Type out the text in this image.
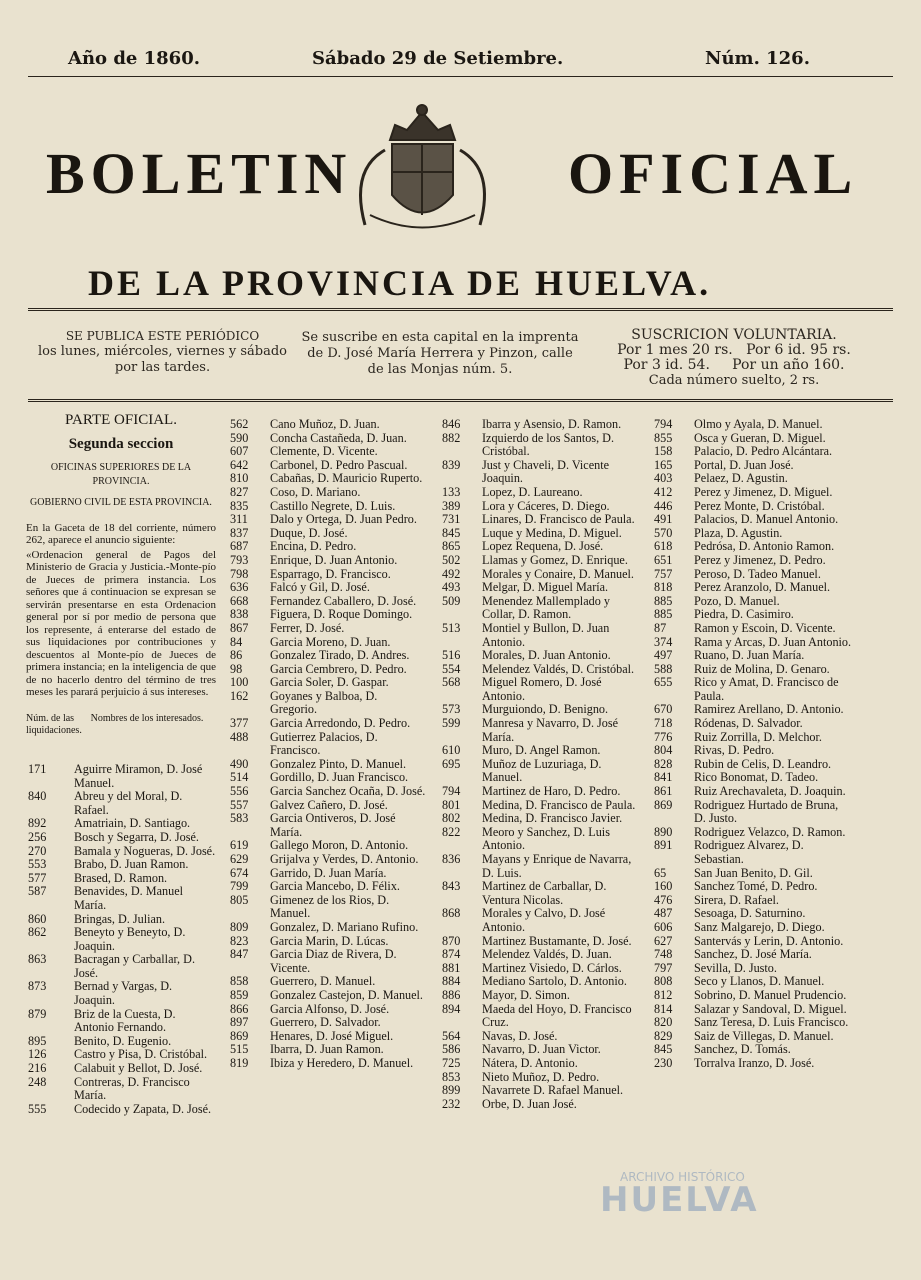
Año de 1860.	Sábado 29 de Setiembre.	Núm. 126.
BOLETIN	OFICIAL
DE LA PROVINCIA DE HUELVA.
SE PUBLICA ESTE PERIÓDICO
los lunes, miércoles, viernes y sábado
por las tardes.
Se suscribe en esta capital en la imprenta
de D. José María Herrera y Pinzon, calle
de las Monjas núm. 5.
SUSCRICION VOLUNTARIA.
Por 1 mes 20 rs.   Por 6 id. 95 rs.
Por 3 id. 54.     Por un año 160.
Cada número suelto, 2 rs.
PARTE OFICIAL.
Segunda seccion
OFICINAS SUPERIORES DE LA PROVINCIA.
GOBIERNO CIVIL DE ESTA PROVINCIA.

En la Gaceta de 18 del corriente, número 262, aparece el anuncio siguiente:

«Ordenacion general de Pagos del Ministerio de Gracia y Justicia.-Monte-pío de Jueces de primera instancia. Los señores que á continuacion se expresan se servirán presentarse en esta Ordenacion general por sí por medio de persona que los represente, á enterarse del estado de sus liquidaciones por contribuciones y descuentos al Monte-pío de Jueces de primera instancia; en la inteligencia de que de no hacerlo dentro del término de tres meses les parará perjuicio á sus intereses.

Núm. de las liquidaciones.
Nombres de los interesados.
171	Aguirre Miramon, D. José Manuel.
840	Abreu y del Moral, D. Rafael.
892	Amatriain, D. Santiago.
256	Bosch y Segarra, D. José.
270	Bamala y Nogueras, D. José.
553	Brabo, D. Juan Ramon.
577	Brased, D. Ramon.
587	Benavides, D. Manuel María.
860	Bringas, D. Julian.
862	Beneyto y Beneyto, D. Joaquin.
863	Bacragan y Carballar, D. José.
873	Bernad y Vargas, D. Joaquin.
879	Briz de la Cuesta, D. Antonio Fernando.
895	Benito, D. Eugenio.
126	Castro y Pisa, D. Cristóbal.
216	Calabuit y Bellot, D. José.
248	Contreras, D. Francisco María.
555	Codecido y Zapata, D. José.
562	Cano Muñoz, D. Juan.
590	Concha Castañeda, D. Juan.
607	Clemente, D. Vicente.
642	Carbonel, D. Pedro Pascual.
810	Cabañas, D. Mauricio Ruperto.
827	Coso, D. Mariano.
835	Castillo Negrete, D. Luis.
311	Dalo y Ortega, D. Juan Pedro.
837	Duque, D. José.
687	Encina, D. Pedro.
793	Enrique, D. Juan Antonio.
798	Esparrago, D. Francisco.
636	Falcó y Gil, D. José.
668	Fernandez Caballero, D. José.
838	Figuera, D. Roque Domingo.
867	Ferrer, D. José.
84	Garcia Moreno, D. Juan.
86	Gonzalez Tirado, D. Andres.
98	Garcia Cembrero, D. Pedro.
100	Garcia Soler, D. Gaspar.
162	Goyanes y Balboa, D. Gregorio.
377	Garcia Arredondo, D. Pedro.
488	Gutierrez Palacios, D. Francisco.
490	Gonzalez Pinto, D. Manuel.
514	Gordillo, D. Juan Francisco.
556	Garcia Sanchez Ocaña, D. José.
557	Galvez Cañero, D. José.
583	Garcia Ontiveros, D. José María.
619	Gallego Moron, D. Antonio.
629	Grijalva y Verdes, D. Antonio.
674	Garrido, D. Juan María.
799	Garcia Mancebo, D. Félix.
805	Gimenez de los Rios, D. Manuel.
809	Gonzalez, D. Mariano Rufino.
823	Garcia Marin, D. Lúcas.
847	Garcia Diaz de Rivera, D. Vicente.
858	Guerrero, D. Manuel.
859	Gonzalez Castejon, D. Manuel.
866	Garcia Alfonso, D. José.
897	Guerrero, D. Salvador.
869	Henares, D. José Miguel.
515	Ibarra, D. Juan Ramon.
819	Ibiza y Heredero, D. Manuel.
846	Ibarra y Asensio, D. Ramon.
882	Izquierdo de los Santos, D. Cristóbal.
839	Just y Chaveli, D. Vicente Joaquin.
133	Lopez, D. Laureano.
389	Lora y Cáceres, D. Diego.
731	Linares, D. Francisco de Paula.
845	Luque y Medina, D. Miguel.
865	Lopez Requena, D. José.
502	Llamas y Gomez, D. Enrique.
492	Morales y Conaire, D. Manuel.
493	Melgar, D. Miguel María.
509	Menendez Mallemplado y Collar, D. Ramon.
513	Montiel y Bullon, D. Juan Antonio.
516	Morales, D. Juan Antonio.
554	Melendez Valdés, D. Cristóbal.
568	Miguel Romero, D. José Antonio.
573	Murguiondo, D. Benigno.
599	Manresa y Navarro, D. José María.
610	Muro, D. Angel Ramon.
695	Muñoz de Luzuriaga, D. Manuel.
794	Martinez de Haro, D. Pedro.
801	Medina, D. Francisco de Paula.
802	Medina, D. Francisco Javier.
822	Meoro y Sanchez, D. Luis Antonio.
836	Mayans y Enrique de Navarra, D. Luis.
843	Martinez de Carballar, D. Ventura Nicolas.
868	Morales y Calvo, D. José Antonio.
870	Martinez Bustamante, D. José.
874	Melendez Valdés, D. Juan.
881	Martinez Visiedo, D. Cárlos.
884	Mediano Sartolo, D. Antonio.
886	Mayor, D. Simon.
894	Maeda del Hoyo, D. Francisco Cruz.
564	Navas, D. José.
586	Navarro, D. Juan Victor.
725	Nátera, D. Antonio.
853	Nieto Muñoz, D. Pedro.
899	Navarrete D. Rafael Manuel.
232	Orbe, D. Juan José.
794	Olmo y Ayala, D. Manuel.
855	Osca y Gueran, D. Miguel.
158	Palacio, D. Pedro Alcántara.
165	Portal, D. Juan José.
403	Pelaez, D. Agustin.
412	Perez y Jimenez, D. Miguel.
446	Perez Monte, D. Cristóbal.
491	Palacios, D. Manuel Antonio.
570	Plaza, D. Agustin.
618	Pedrósa, D. Antonio Ramon.
651	Perez y Jimenez, D. Pedro.
757	Peroso, D. Tadeo Manuel.
818	Perez Aranzolo, D. Manuel.
885	Pozo, D. Manuel.
885	Piedra, D. Casimiro.
87	Ramon y Escoin, D. Vicente.
374	Rama y Arcas, D. Juan Antonio.
497	Ruano, D. Juan María.
588	Ruiz de Molina, D. Genaro.
655	Rico y Amat, D. Francisco de Paula.
670	Ramirez Arellano, D. Antonio.
718	Ródenas, D. Salvador.
776	Ruiz Zorrilla, D. Melchor.
804	Rivas, D. Pedro.
828	Rubin de Celis, D. Leandro.
841	Rico Bonomat, D. Tadeo.
861	Ruiz Arechavaleta, D. Joaquin.
869	Rodriguez Hurtado de Bruna, D. Justo.
890	Rodriguez Velazco, D. Ramon.
891	Rodriguez Alvarez, D. Sebastian.
65	San Juan Benito, D. Gil.
160	Sanchez Tomé, D. Pedro.
476	Sirera, D. Rafael.
487	Sesoaga, D. Saturnino.
606	Sanz Malgarejo, D. Diego.
627	Santervás y Lerin, D. Antonio.
748	Sanchez, D. José María.
797	Sevilla, D. Justo.
808	Seco y Llanos, D. Manuel.
812	Sobrino, D. Manuel Prudencio.
814	Salazar y Sandoval, D. Miguel.
820	Sanz Teresa, D. Luis Francisco.
829	Saiz de Villegas, D. Manuel.
845	Sanchez, D. Tomás.
230	Torralva Iranzo, D. José.
ARCHIVO HISTÓRICO
HUELVA
